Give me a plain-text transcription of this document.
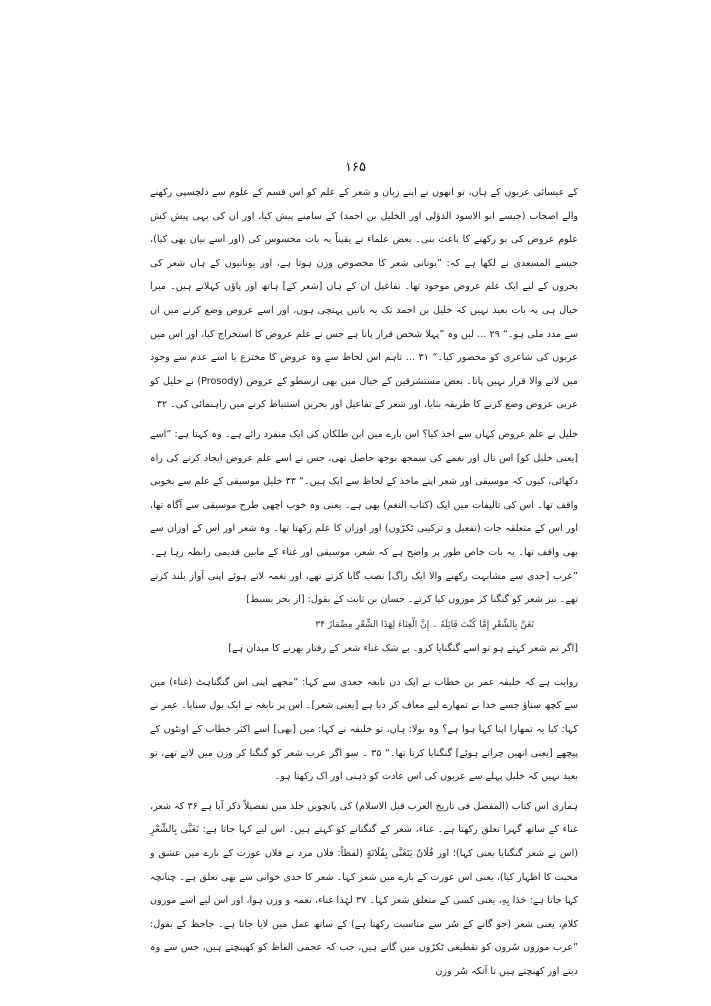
۱۶۵

کے عیسائی عربوں کے ہاں، تو انھوں نے اپنے زبان و شعر کے علم کو اس قسم کے علوم سے دلچسپی رکھنے والے اصحاب (جیسے ابو الاسود الدؤلی اور الخلیل بن احمد) کے سامنے پیش کیا، اور ان کی یہی پیش کش علوم عروض کی بو رکھنے کا باعث بنی۔ بعض علماء نے یقیناً یہ بات محسوس کی (اور اسے بیان بھی کیا)، جیسے المسعدی نے لکھا ہے کہ: ”یونانی شعر کا مخصوص وزن ہوتا ہے، اور یونانیوں کے ہاں شعر کی بحروں کے لیے ایک علم عروض موجود تھا۔ تفاعیل ان کے ہاں [شعر کے] ہاتھ اور پاؤں کہلاتے ہیں۔ میرا خیال ہی یہ بات بعید نہیں کہ خلیل بن احمد تک یہ باتیں پہنچی ہوں، اور اسے عروض وضع کرنے میں ان سے مدد ملی ہو۔“ ۲۹ ... لیں وہ ”پہلا شخص قرار پاتا ہے جس نے علم عروض کا استخراج کیا، اور اس میں عربوں کی شاعری کو محصور کیا۔“ ۳۱ ... تاہم اس لحاظ سے وہ عروض کا مخترع یا اسے عدم سے وجود میں لانے والا قرار نہیں پاتا۔ بعض مستشرقین کے خیال میں بھی ارسطو کے عروض (Prosody) نے خلیل کو عربی عروض وضع کرنے کا طریقہ بتایا، اور شعر کے تفاعیل اور بحریں استنباط کرنے میں راہنمائی کی۔ ۳۲

خلیل نے علم عروض کہاں سے اخذ کیا؟ اس بارے میں ابن طلکان کی ایک منفرد رائے ہے۔ وہ کہتا ہے: ”اسے [یعنی خلیل کو] اس تال اور نغمے کی سمجھ بوجھ حاصل تھی، جس نے اسے علم عروض ایجاد کرنے کی راہ دکھائی، کیوں کہ موسیقی اور شعر اپنے ماخذ کے لحاظ سے ایک ہیں۔“ ۳۳ خلیل موسیقی کے علم سے بخوبی واقف تھا۔ اس کی تالیفات میں ایک (کتاب النغم) بھی ہے۔ یعنی وہ خوب اچھی طرح موسیقی سے آگاہ تھا، اور اس کے متعلقہ جات (تفعیل و ترکیبی ٹکڑوں) اور اوزان کا علم رکھتا تھا۔ وہ شعر اور اس کے اوزان سے بھی واقف تھا۔ یہ بات خاص طور پر واضح ہے کہ شعر، موسیقی اور غناء کے مابین قدیمی رابطہ رہا ہے۔ ”عرب [حدی سے مشابہت رکھنے والا ایک راگ] نصب گایا کرتے تھے، اور نغمہ لاتے ہوئے اپنی آواز بلند کرتے تھے۔ نیز شعر کو گنگنا کر موزوں کیا کرتے۔ حسان بن ثابت کے بقول: [از بحر بسیط]

تَغَنَّ بِالشِّعْرِ إِمَّا كُنْتَ قَائِلَهُ ۔ إِنَّ الْغِنَاءَ لِهَذَا الشِّعْرِ مِضْمَارُ ۳۴

[اگر تم شعر کہتے ہو تو اسے گنگنایا کرو۔ بے شک غناء شعر کے رفتار بھرنے کا میدان ہے]

روایت ہے کہ خلیفہ عمر بن خطاب نے ایک دن نابغہ جعدی سے کہا: ”مجھے اپنی اس گنگناہٹ (غناء) میں سے کچھ سناؤ جسے خدا نے تمھارے لیے معاف کر دیا ہے [یعنی شعر]۔ اس پر نابغہ نے ایک بول سنایا۔ عمر نے کہا: کیا یہ تمھارا اپنا کہا ہوا ہے؟ وہ بولا: ہاں، تو خلیفہ نے کہا: میں [بھی] اسے اکثر خطاب کے اونٹوں کے پیچھے [یعنی انھیں چراتے ہوئے] گنگنایا کرتا تھا۔“ ۳۵ ۔ سو اگر عرب شعر کو گنگنا کر وزن میں لاتے تھے، تو بعید نہیں کہ خلیل پہلے سے عربوں کی اس عادت کو ذہنی اور اک رکھتا ہو۔

ہماری اس کتاب (المفصل فی تاریخ العرب قبل الاسلام) کی پانچویں جلد میں تفصیلاً ذکر آیا ہے ۳۶ کہ شعر، غناء کے ساتھ گہرا تعلق رکھتا ہے۔ غناء، شعر کے گنگنانے کو کہتے ہیں۔ اس لیے کہا جاتا ہے: تَغَنَّى بِالشِّعْرِ (اس نے شعر گنگنایا یعنی کہا)؛ اور فُلَانٌ يَتَغَنَّى بِفُلَانَةٍ (لفظاً: فلاں مرد نے فلاں عورت کے بارے میں عشق و محبت کا اظہار کیا)، یعنی اس عورت کے بارے میں شعر کہا۔ شعر کا حدی خوانی سے بھی تعلق ہے۔ چنانچہ کہا جاتا ہے: حَدَا بِهِ، یعنی کسی کے متعلق شعر کہا۔ ۳۷ لہٰذا غناء، نغمہ و وزن ہوا، اور اس لیے اسے موزوں کلام، یعنی شعر (جو گانے کے سُر سے مناسبت رکھتا ہے) کے ساتھ عمل میں لایا جاتا ہے۔ جاحظ کے بقول: ”عرب موزوں سُروں کو تقطیعی ٹکڑوں میں گاتے ہیں، جب کہ عجمی الفاظ کو کھینچتے ہیں، جس سے وہ دیتے اور کھنچتے ہیں تا آنکہ سُر وزن
